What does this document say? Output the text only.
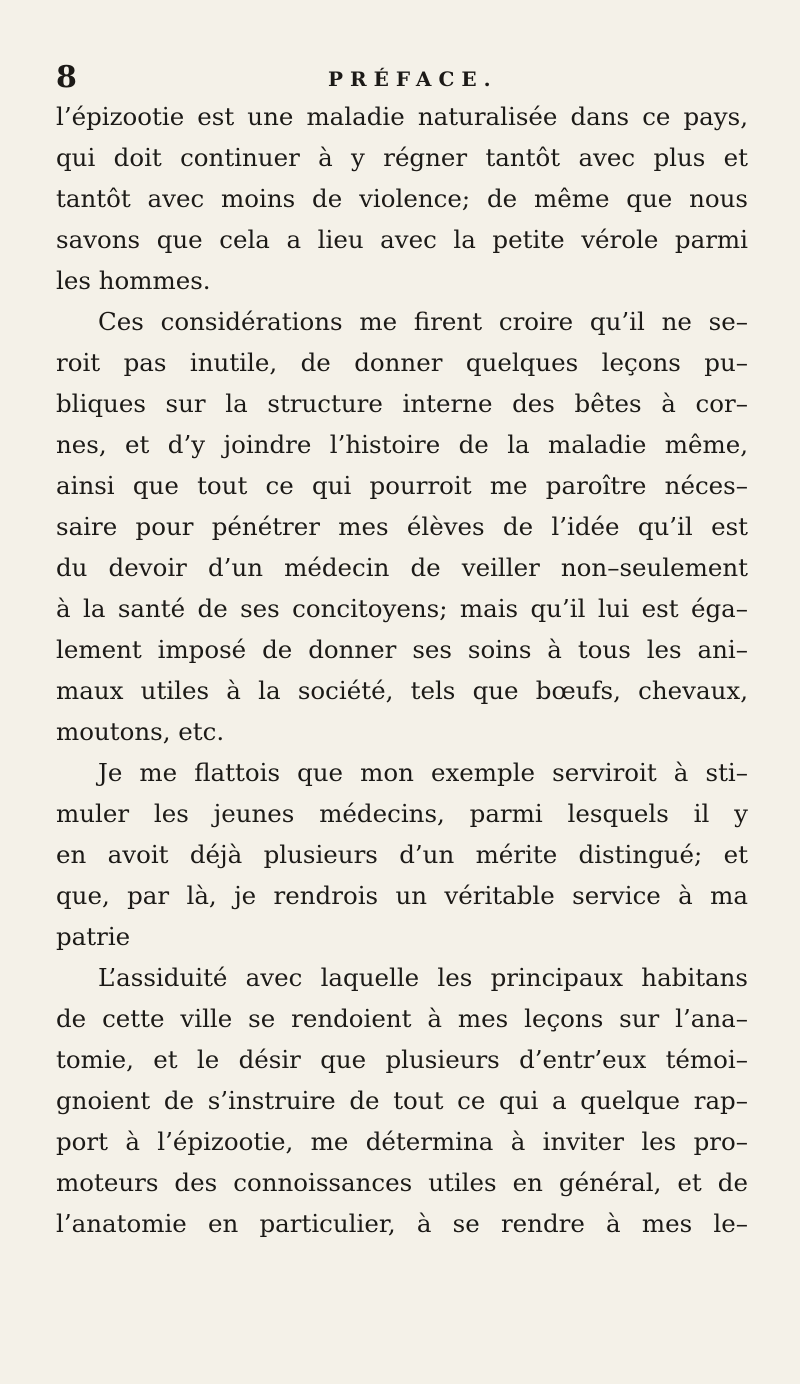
8	PRÉFACE.
l’épizootie est une maladie naturalisée dans ce pays,
qui doit continuer à y régner tantôt avec plus et
tantôt avec moins de violence; de même que nous
savons que cela a lieu avec la petite vérole parmi
les hommes.
Ces considérations me firent croire qu’il ne se–
roit pas inutile, de donner quelques leçons pu–
bliques sur la structure interne des bêtes à cor–
nes, et d’y joindre l’histoire de la maladie même,
ainsi que tout ce qui pourroit me paroître néces–
saire pour pénétrer mes élèves de l’idée qu’il est
du devoir d’un médecin de veiller non–seulement
à la santé de ses concitoyens; mais qu’il lui est éga–
lement imposé de donner ses soins à tous les ani–
maux utiles à la société, tels que bœufs, chevaux,
moutons, etc.
Je me flattois que mon exemple serviroit à sti–
muler les jeunes médecins, parmi lesquels il y
en avoit déjà plusieurs d’un mérite distingué; et
que, par là, je rendrois un véritable service à ma
patrie
L’assiduité avec laquelle les principaux habitans
de cette ville se rendoient à mes leçons sur l’ana–
tomie, et le désir que plusieurs d’entr’eux témoi–
gnoient de s’instruire de tout ce qui a quelque rap–
port à l’épizootie, me détermina à inviter les pro–
moteurs des connoissances utiles en général, et de
l’anatomie en particulier, à se rendre à mes le–
